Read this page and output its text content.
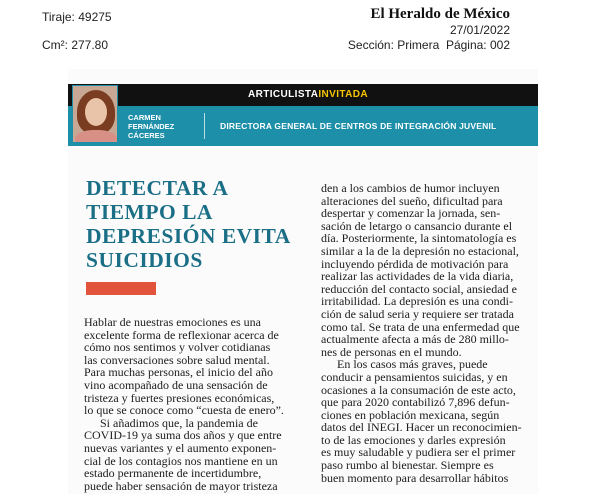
Tiraje: 49275
Cm²: 277.80
El Heraldo de México
27/01/2022
Sección: Primera Página: 002
ARTICULISTAINVITADA
CARMEN
FERNÁNDEZ
CÁCERES
DIRECTORA GENERAL DE CENTROS DE INTEGRACIÓN JUVENIL
DETECTAR A TIEMPO LA DEPRESIÓN EVITA SUICIDIOS
Hablar de nuestras emociones es una
excelente forma de reflexionar acerca de
cómo nos sentimos y volver cotidianas
las conversaciones sobre salud mental.
Para muchas personas, el inicio del año
vino acompañado de una sensación de
tristeza y fuertes presiones económicas,
lo que se conoce como “cuesta de enero”.
Si añadimos que, la pandemia de
COVID-19 ya suma dos años y que entre
nuevas variantes y el aumento exponen-
cial de los contagios nos mantiene en un
estado permanente de incertidumbre,
puede haber sensación de mayor tristeza
den a los cambios de humor incluyen
alteraciones del sueño, dificultad para
despertar y comenzar la jornada, sen-
sación de letargo o cansancio durante el
día. Posteriormente, la sintomatología es
similar a la de la depresión no estacional,
incluyendo pérdida de motivación para
realizar las actividades de la vida diaria,
reducción del contacto social, ansiedad e
irritabilidad. La depresión es una condi-
ción de salud seria y requiere ser tratada
como tal. Se trata de una enfermedad que
actualmente afecta a más de 280 millo-
nes de personas en el mundo.
En los casos más graves, puede
conducir a pensamientos suicidas, y en
ocasiones a la consumación de este acto,
que para 2020 contabilizó 7,896 defun-
ciones en población mexicana, según
datos del INEGI. Hacer un reconocimien-
to de las emociones y darles expresión
es muy saludable y pudiera ser el primer
paso rumbo al bienestar. Siempre es
buen momento para desarrollar hábitos
